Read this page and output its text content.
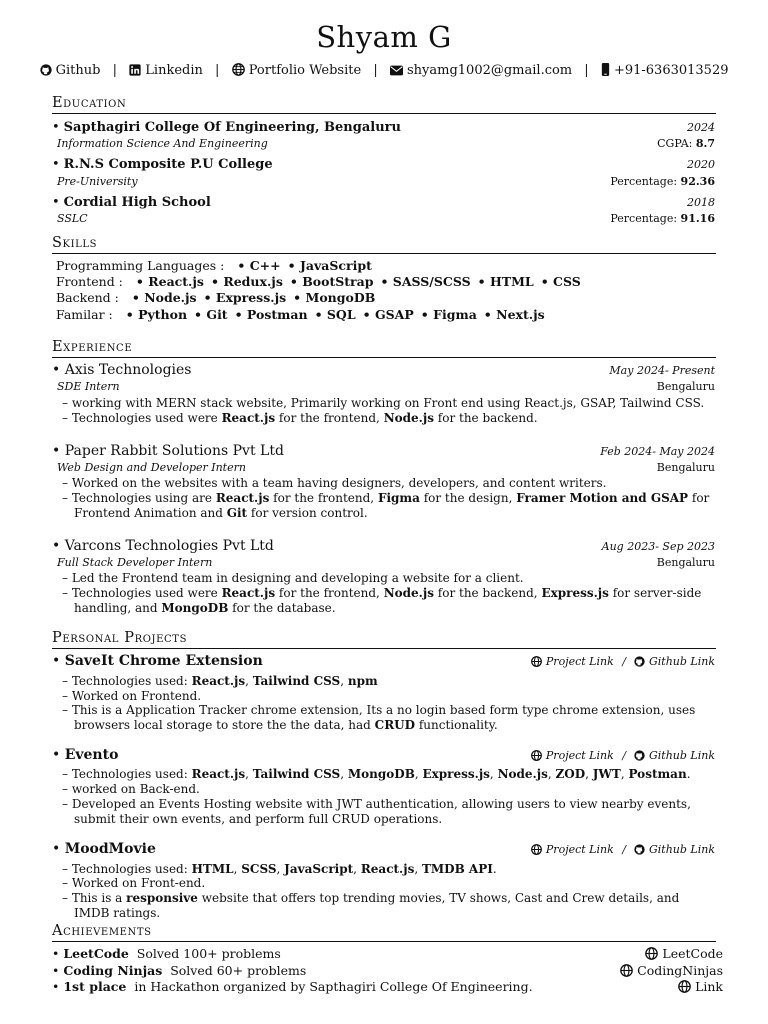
Shyam G
Github | Linkedin | Portfolio Website | shyamg1002@gmail.com | +91-6363013529
Education
• Sapthagiri College Of Engineering, Bengaluru	2024
Information Science And Engineering	CGPA: 8.7
• R.N.S Composite P.U College	2020
Pre-University	Percentage: 92.36
• Cordial High School	2018
SSLC	Percentage: 91.16
Skills
Programming Languages : • C++ • JavaScript
Frontend : • React.js • Redux.js • BootStrap • SASS/SCSS • HTML • CSS
Backend : • Node.js • Express.js • MongoDB
Familar : • Python • Git • Postman • SQL • GSAP • Figma • Next.js
Experience
• Axis Technologies	May 2024- Present
SDE Intern	Bengaluru
– working with MERN stack website, Primarily working on Front end using React.js, GSAP, Tailwind CSS.
– Technologies used were React.js for the frontend, Node.js for the backend.
• Paper Rabbit Solutions Pvt Ltd	Feb 2024- May 2024
Web Design and Developer Intern	Bengaluru
– Worked on the websites with a team having designers, developers, and content writers.
– Technologies using are React.js for the frontend, Figma for the design, Framer Motion and GSAP for Frontend Animation and Git for version control.
• Varcons Technologies Pvt Ltd	Aug 2023- Sep 2023
Full Stack Developer Intern	Bengaluru
– Led the Frontend team in designing and developing a website for a client.
– Technologies used were React.js for the frontend, Node.js for the backend, Express.js for server-side handling, and MongoDB for the database.
Personal Projects
• SaveIt Chrome Extension	Project Link / Github Link
– Technologies used: React.js, Tailwind CSS, npm
– Worked on Frontend.
– This is a Application Tracker chrome extension, Its a no login based form type chrome extension, uses browsers local storage to store the the data, had CRUD functionality.
• Evento	Project Link / Github Link
– Technologies used: React.js, Tailwind CSS, MongoDB, Express.js, Node.js, ZOD, JWT, Postman.
– worked on Back-end.
– Developed an Events Hosting website with JWT authentication, allowing users to view nearby events, submit their own events, and perform full CRUD operations.
• MoodMovie	Project Link / Github Link
– Technologies used: HTML, SCSS, JavaScript, React.js, TMDB API.
– Worked on Front-end.
– This is a responsive website that offers top trending movies, TV shows, Cast and Crew details, and IMDB ratings.
Achievements
• LeetCode Solved 100+ problems	LeetCode
• Coding Ninjas Solved 60+ problems	CodingNinjas
• 1st place in Hackathon organized by Sapthagiri College Of Engineering.	Link
